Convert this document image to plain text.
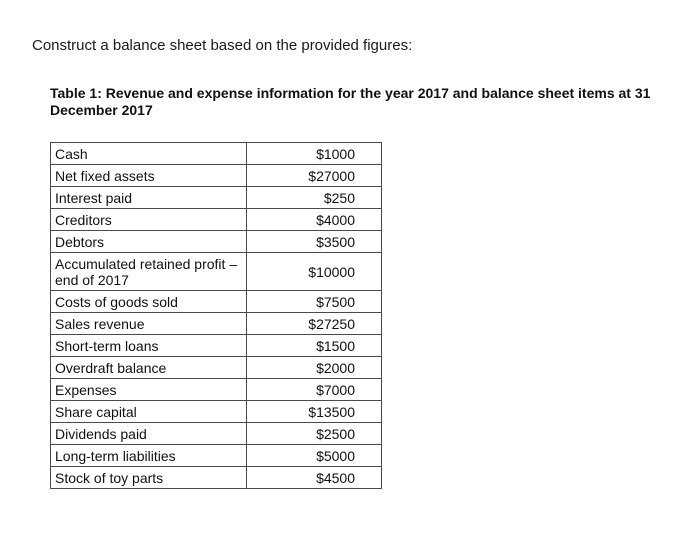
Construct a balance sheet based on the provided figures:
Table 1: Revenue and expense information for the year 2017 and balance sheet items at 31 December 2017
Cash	$1000
Net fixed assets	$27000
Interest paid	$250
Creditors	$4000
Debtors	$3500
Accumulated retained profit – end of 2017	$10000
Costs of goods sold	$7500
Sales revenue	$27250
Short-term loans	$1500
Overdraft balance	$2000
Expenses	$7000
Share capital	$13500
Dividends paid	$2500
Long-term liabilities	$5000
Stock of toy parts	$4500
